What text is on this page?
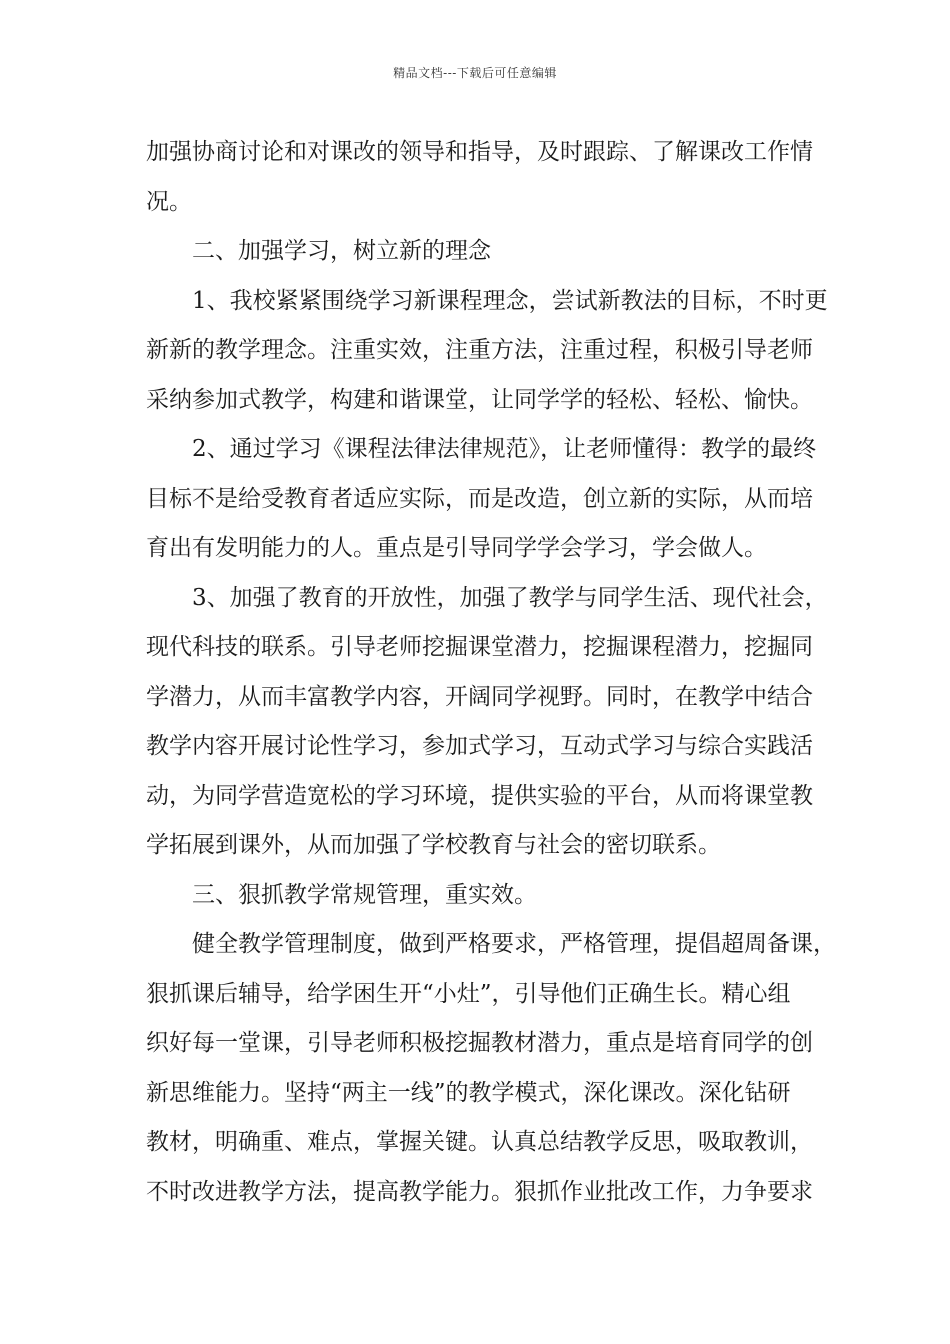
精品文档---下载后可任意编辑
加强协商讨论和对课改的领导和指导，及时跟踪、了解课改工作情
况。
二、加强学习，树立新的理念
1、我校紧紧围绕学习新课程理念，尝试新教法的目标，不时更
新新的教学理念。注重实效，注重方法，注重过程，积极引导老师
采纳参加式教学，构建和谐课堂，让同学学的轻松、轻松、愉快。
2、通过学习《课程法律法律规范》，让老师懂得：教学的最终
目标不是给受教育者适应实际，而是改造，创立新的实际，从而培
育出有发明能力的人。重点是引导同学学会学习，学会做人。
3、加强了教育的开放性，加强了教学与同学生活、现代社会，
现代科技的联系。引导老师挖掘课堂潜力，挖掘课程潜力，挖掘同
学潜力，从而丰富教学内容，开阔同学视野。同时，在教学中结合
教学内容开展讨论性学习，参加式学习，互动式学习与综合实践活
动，为同学营造宽松的学习环境，提供实验的平台，从而将课堂教
学拓展到课外，从而加强了学校教育与社会的密切联系。
三、狠抓教学常规管理，重实效。
健全教学管理制度，做到严格要求，严格管理，提倡超周备课，
狠抓课后辅导，给学困生开“小灶”，引导他们正确生长。精心组
织好每一堂课，引导老师积极挖掘教材潜力，重点是培育同学的创
新思维能力。坚持“两主一线”的教学模式，深化课改。深化钻研
教材，明确重、难点，掌握关键。认真总结教学反思，吸取教训，
不时改进教学方法，提高教学能力。狠抓作业批改工作，力争要求
